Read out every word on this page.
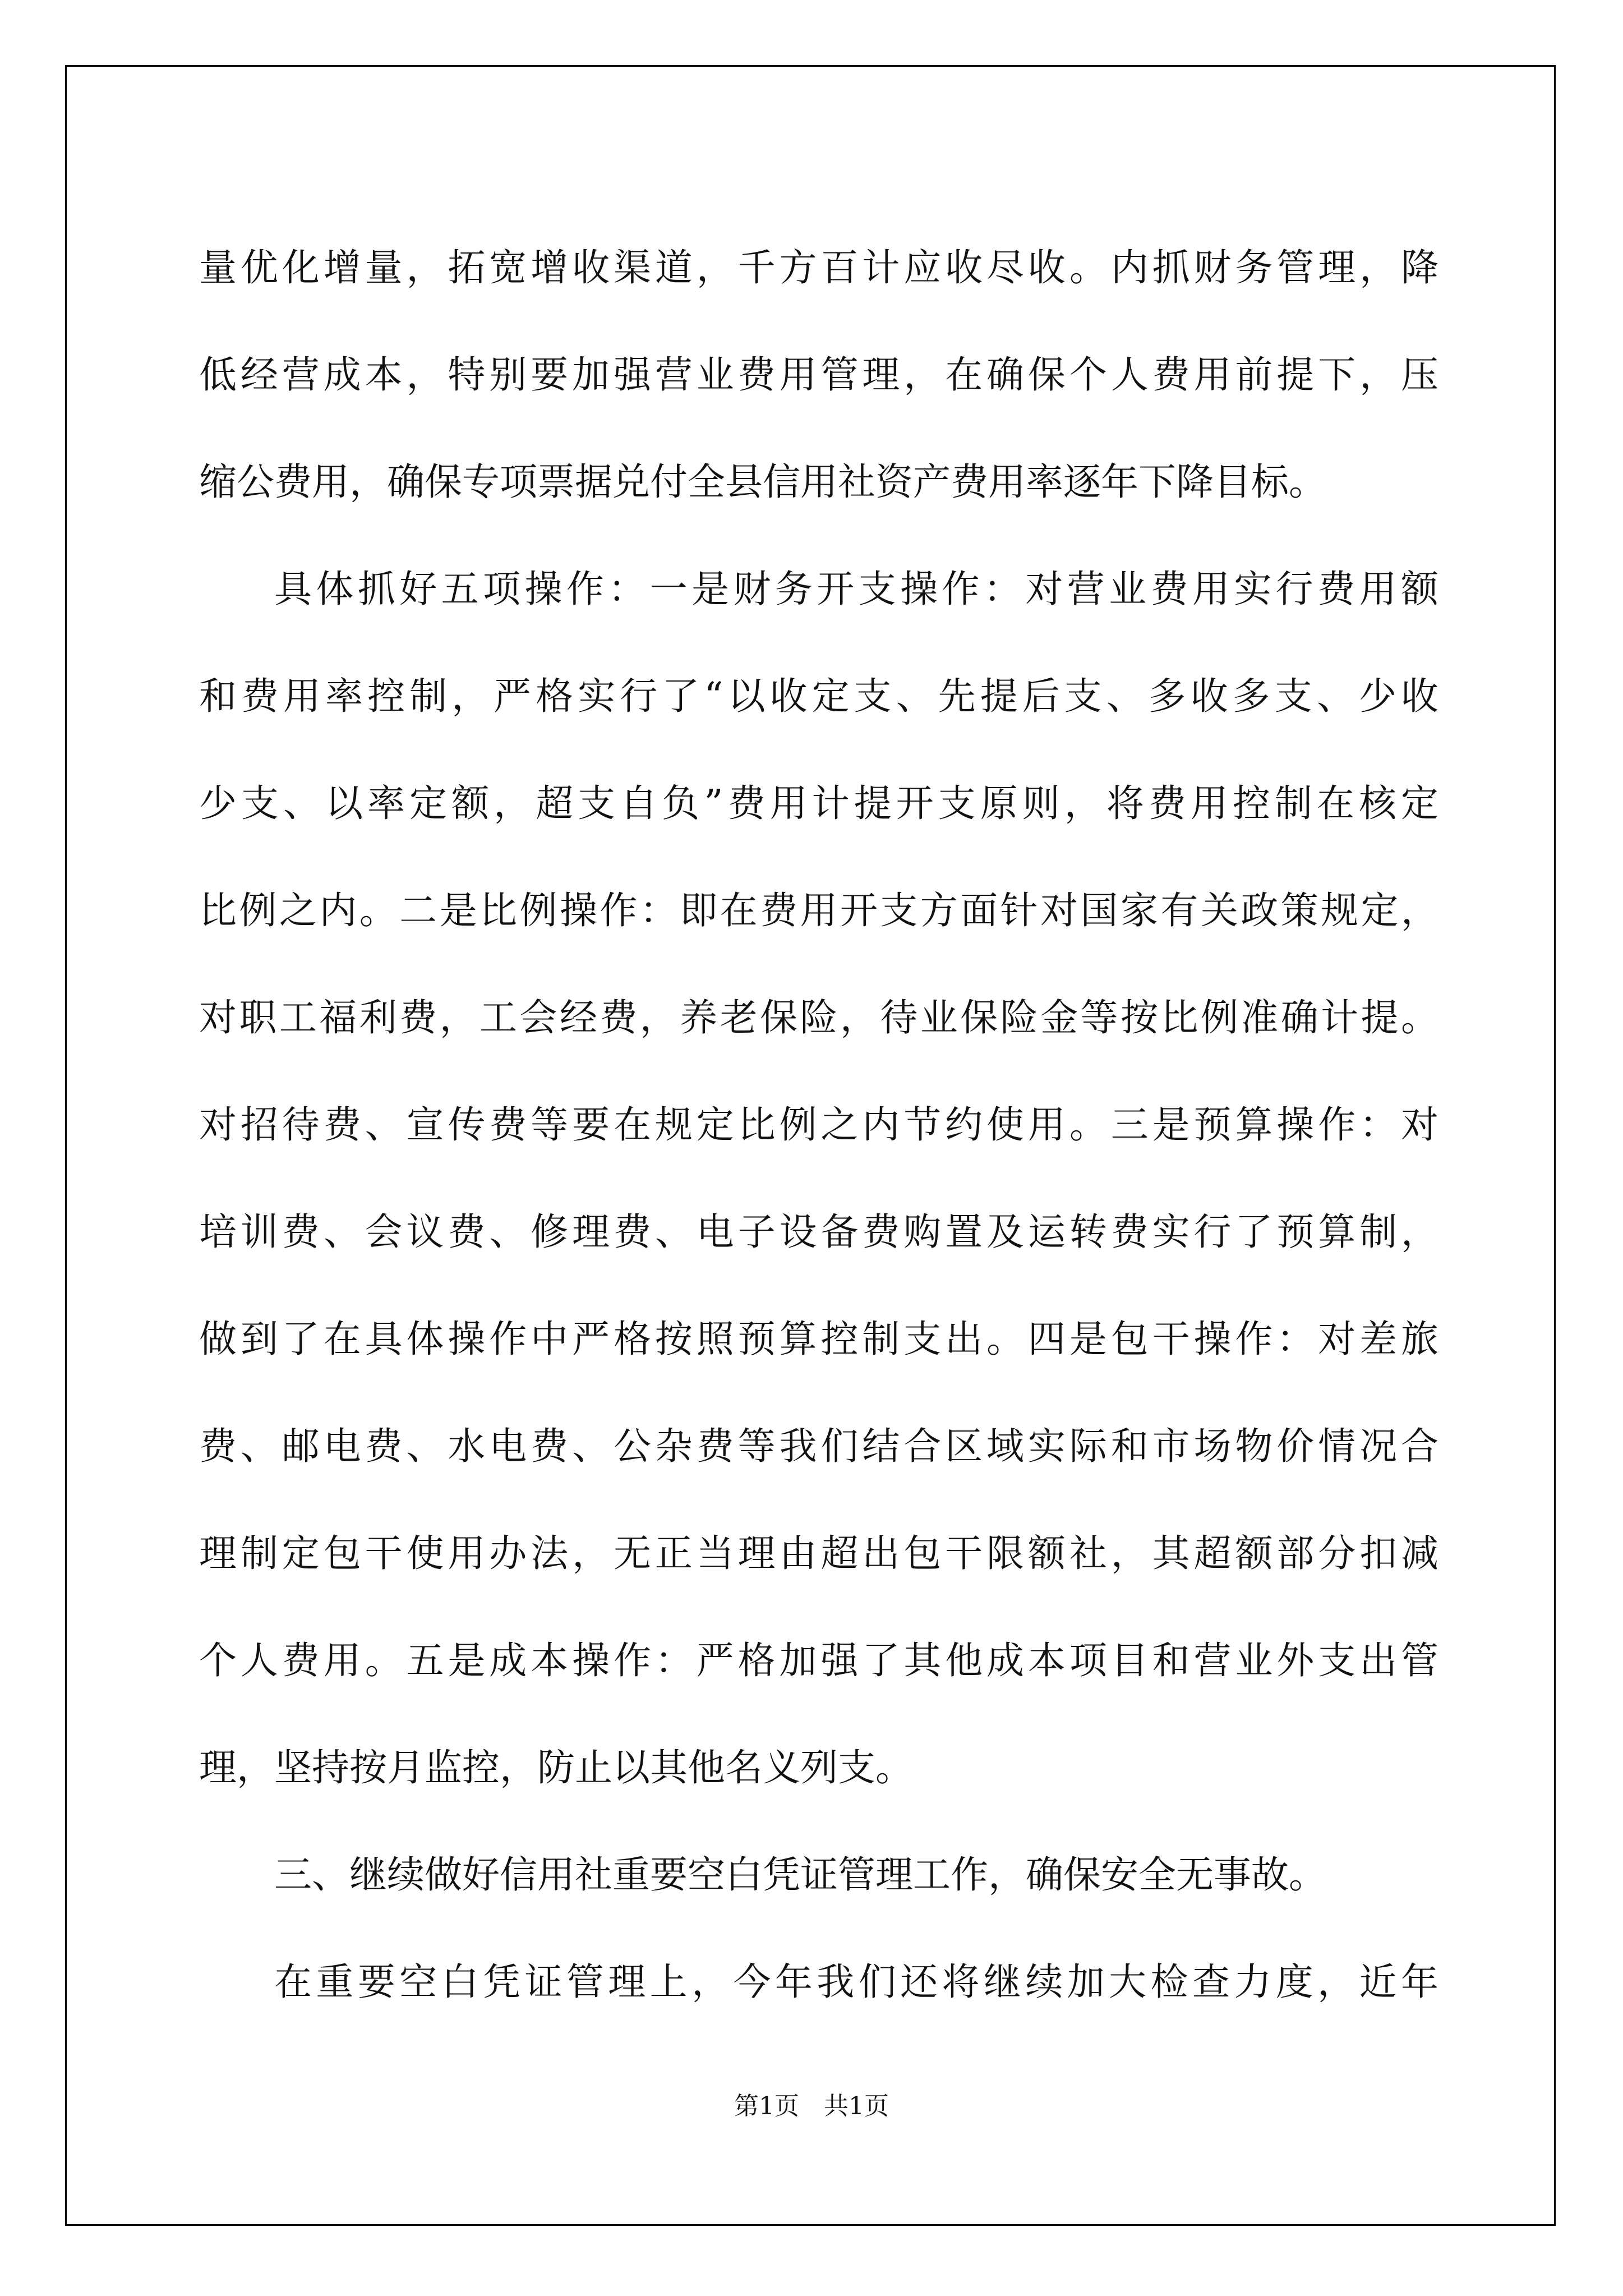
量优化增量，拓宽增收渠道，千方百计应收尽收。内抓财务管理，降
低经营成本，特别要加强营业费用管理，在确保个人费用前提下，压
缩公费用，确保专项票据兑付全县信用社资产费用率逐年下降目标。
具体抓好五项操作：一是财务开支操作：对营业费用实行费用额
和费用率控制，严格实行了“以收定支、先提后支、多收多支、少收
少支、以率定额，超支自负”费用计提开支原则，将费用控制在核定
比例之内。二是比例操作：即在费用开支方面针对国家有关政策规定，
对职工福利费，工会经费，养老保险，待业保险金等按比例准确计提。
对招待费、宣传费等要在规定比例之内节约使用。三是预算操作：对
培训费、会议费、修理费、电子设备费购置及运转费实行了预算制，
做到了在具体操作中严格按照预算控制支出。四是包干操作：对差旅
费、邮电费、水电费、公杂费等我们结合区域实际和市场物价情况合
理制定包干使用办法，无正当理由超出包干限额社，其超额部分扣减
个人费用。五是成本操作：严格加强了其他成本项目和营业外支出管
理，坚持按月监控，防止以其他名义列支。
三、继续做好信用社重要空白凭证管理工作，确保安全无事故。
在重要空白凭证管理上，今年我们还将继续加大检查力度，近年
第1页　共1页
